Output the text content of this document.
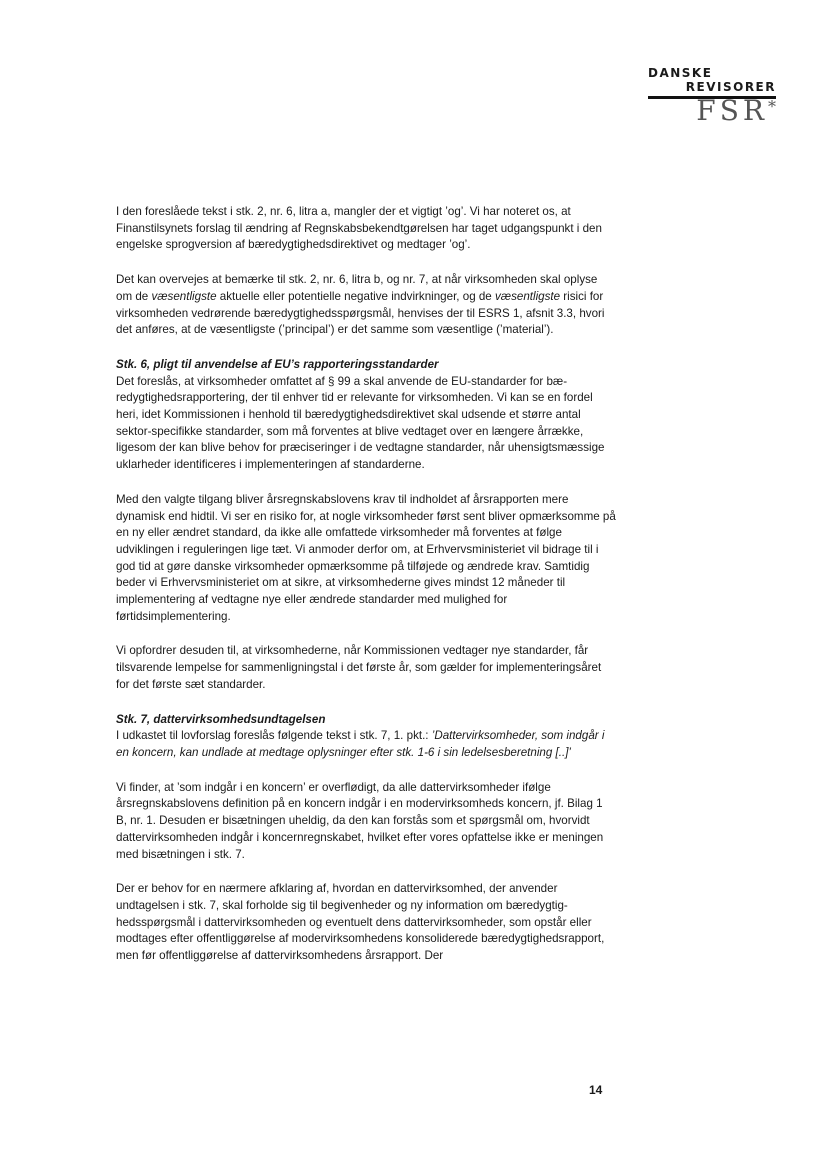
DANSKE
REVISORER
FSR*

I den foreslåede tekst i stk. 2, nr. 6, litra a, mangler der et vigtigt ’og’. Vi har noteret os, at Finanstilsynets forslag til ændring af Regnskabsbekendtgørelsen har taget udgangspunkt i den engelske sprogversion af bæredygtighedsdirektivet og medtager ’og’.

Det kan overvejes at bemærke til stk. 2, nr. 6, litra b, og nr. 7, at når virksomheden skal oplyse om de væsentligste aktuelle eller potentielle negative indvirkninger, og de væsentligste risici for virksomheden vedrørende bæredygtighedsspørgsmål, henvises der til ESRS 1, afsnit 3.3, hvori det anføres, at de væsentligste (’principal’) er det samme som væsentlige (’material’).

Stk. 6, pligt til anvendelse af EU’s rapporteringsstandarder

Det foreslås, at virksomheder omfattet af § 99 a skal anvende de EU-standarder for bæredygtighedsrapportering, der til enhver tid er relevante for virksomheden. Vi kan se en fordel heri, idet Kommissionen i henhold til bæredygtighedsdirektivet skal udsende et større antal sektor-specifikke standarder, som må forventes at blive vedtaget over en længere årrække, ligesom der kan blive behov for præciseringer i de vedtagne standarder, når uhensigtsmæssige uklarheder identificeres i implementeringen af standarderne.

Med den valgte tilgang bliver årsregnskabslovens krav til indholdet af årsrapporten mere dynamisk end hidtil. Vi ser en risiko for, at nogle virksomheder først sent bliver opmærksomme på en ny eller ændret standard, da ikke alle omfattede virksomheder må forventes at følge udviklingen i reguleringen lige tæt. Vi anmoder derfor om, at Erhvervsministeriet vil bidrage til i god tid at gøre danske virksomheder opmærksomme på tilføjede og ændrede krav. Samtidig beder vi Erhvervsministeriet om at sikre, at virksomhederne gives mindst 12 måneder til implementering af vedtagne nye eller ændrede standarder med mulighed for førtidsimplementering.

Vi opfordrer desuden til, at virksomhederne, når Kommissionen vedtager nye standarder, får tilsvarende lempelse for sammenligningstal i det første år, som gælder for implementeringsåret for det første sæt standarder.

Stk. 7, dattervirksomhedsundtagelsen

I udkastet til lovforslag foreslås følgende tekst i stk. 7, 1. pkt.: ’Dattervirksomheder, som indgår i en koncern, kan undlade at medtage oplysninger efter stk. 1-6 i sin ledelsesberetning [..]’

Vi finder, at ’som indgår i en koncern’ er overflødigt, da alle dattervirksomheder ifølge årsregnskabslovens definition på en koncern indgår i en modervirksomheds koncern, jf. Bilag 1 B, nr. 1. Desuden er bisætningen uheldig, da den kan forstås som et spørgsmål om, hvorvidt dattervirksomheden indgår i koncernregnskabet, hvilket efter vores opfattelse ikke er meningen med bisætningen i stk. 7.

Der er behov for en nærmere afklaring af, hvordan en dattervirksomhed, der anvender undtagelsen i stk. 7, skal forholde sig til begivenheder og ny information om bæredygtighedsspørgsmål i dattervirksomheden og eventuelt dens dattervirksomheder, som opstår eller modtages efter offentliggørelse af modervirksomhedens konsoliderede bæredygtighedsrapport, men før offentliggørelse af dattervirksomhedens årsrapport. Der

14
